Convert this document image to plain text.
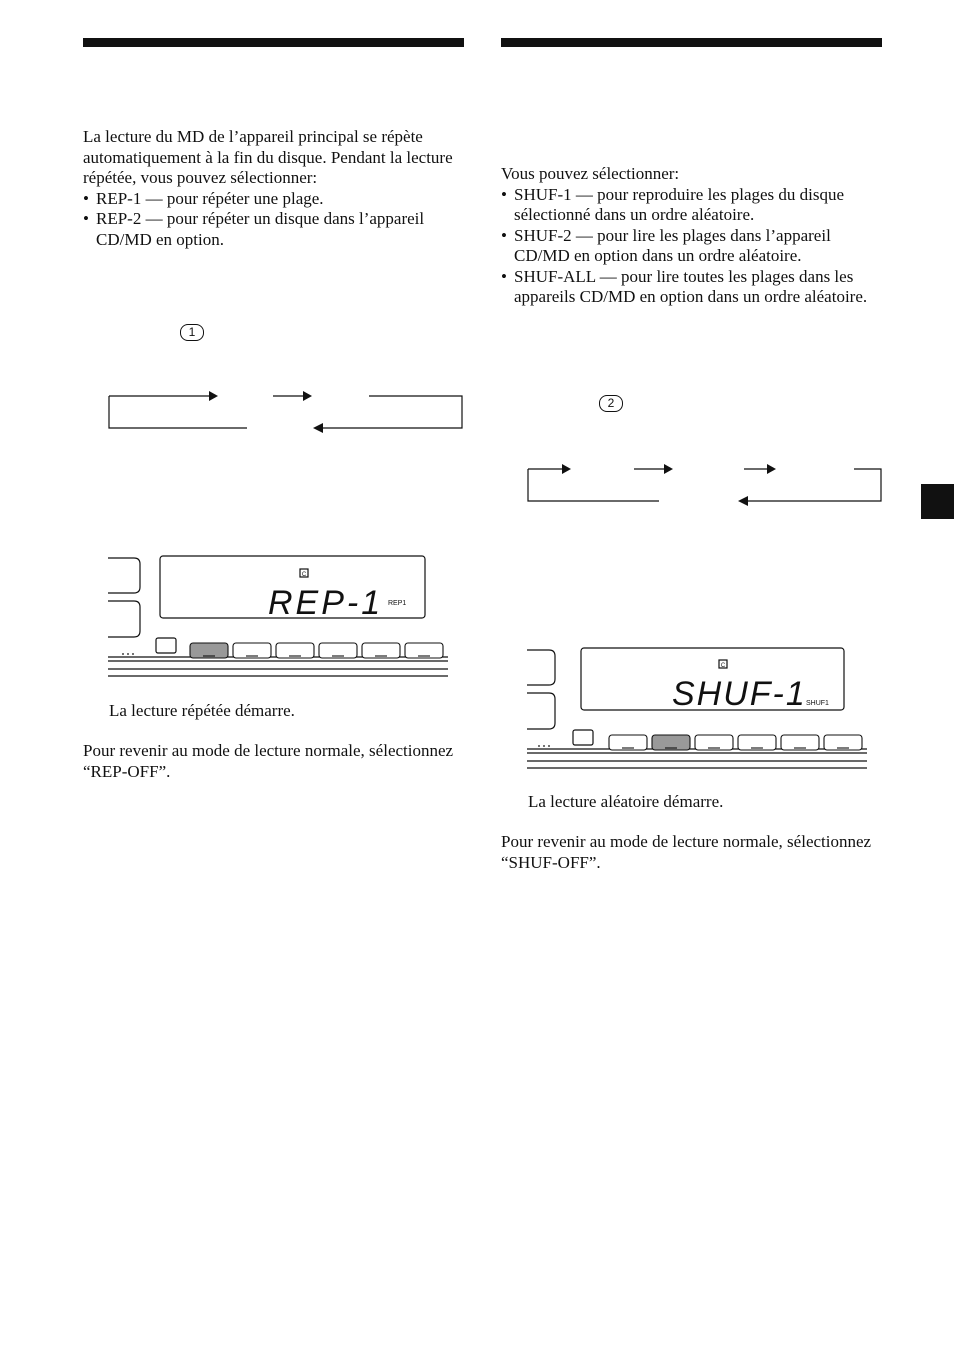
La lecture du MD de l’appareil principal se répète automatiquement à la fin du disque. Pendant la lecture répétée, vous pouvez sélectionner:

• REP-1 — pour répéter une plage.

• REP-2 — pour répéter un disque dans l’appareil CD/MD en option.

1
C
REP-1 REP1
La lecture répétée démarre.
Pour revenir au mode de lecture normale, sélectionnez “REP-OFF”.

Vous pouvez sélectionner:

• SHUF-1 — pour reproduire les plages du disque sélectionné dans un ordre aléatoire.

• SHUF-2 — pour lire les plages dans l’appareil CD/MD en option dans un ordre aléatoire.

• SHUF-ALL — pour lire toutes les plages dans les appareils CD/MD en option dans un ordre aléatoire.

2
C
SHUF-1 SHUF1
La lecture aléatoire démarre.
Pour revenir au mode de lecture normale, sélectionnez “SHUF-OFF”.
